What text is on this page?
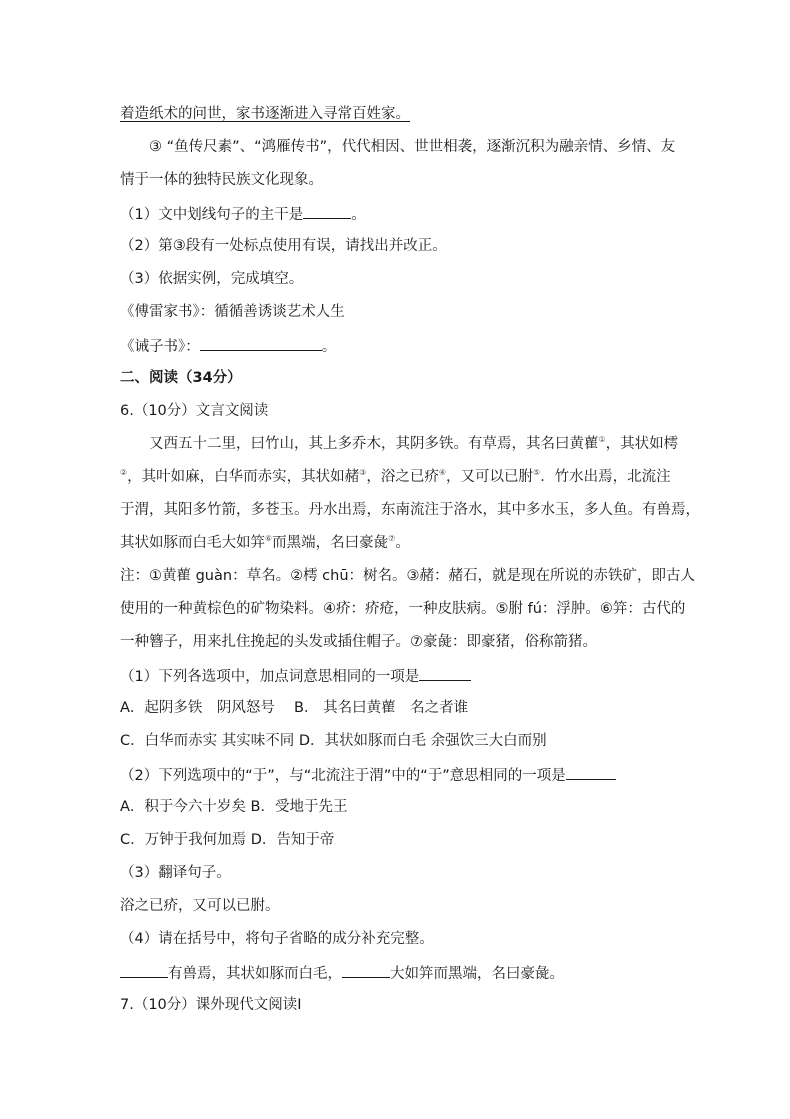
着造纸术的问世，家书逐渐进入寻常百姓家。
③ “鱼传尺素”、“鸿雁传书”，代代相因、世世相袭，逐渐沉积为融亲情、乡情、友
情于一体的独特民族文化现象。
（1）文中划线句子的主干是	。
（2）第③段有一处标点使用有误，请找出并改正。
（3）依据实例，完成填空。
《傅雷家书》：循循善诱谈艺术人生
《诫子书》：	。
二、阅读（34分）
6.（10分）文言文阅读
又西五十二里，曰竹山，其上多乔木，其阴多铁。有草焉，其名曰黄雚①，其状如樗
②，其叶如麻，白华而赤实，其状如赭③，浴之已疥④，又可以已胕⑤．竹水出焉，北流注
于渭，其阳多竹箭，多苍玉。丹水出焉，东南流注于洛水，其中多水玉，多人鱼。有兽焉，
其状如豚而白毛大如笄⑥而黑端，名曰豪彘⑦。
注：①黄雚 guàn：草名。②樗 chū：树名。③赭：赭石，就是现在所说的赤铁矿，即古人
使用的一种黄棕色的矿物染料。④疥：疥疮，一种皮肤病。⑤胕 fú：浮肿。⑥笄：古代的
一种簪子，用来扎住挽起的头发或插住帽子。⑦豪彘：即豪猪，俗称箭猪。
（1）下列各选项中，加点词意思相同的一项是
A．起阴多铁　阴风怒号　 B． 其名曰黄雚　名之者谁
C．白华而赤实 其实味不同 D．其状如豚而白毛 余强饮三大白而别
（2）下列选项中的“于”，与“北流注于渭”中的“于”意思相同的一项是
A．积于今六十岁矣 B．受地于先王
C．万钟于我何加焉 D．告知于帝
（3）翻译句子。
浴之已疥，又可以已胕。
（4）请在括号中，将句子省略的成分补充完整。
有兽焉，其状如豚而白毛，	大如笄而黑端，名曰豪彘。
7.（10分）课外现代文阅读Ⅰ
